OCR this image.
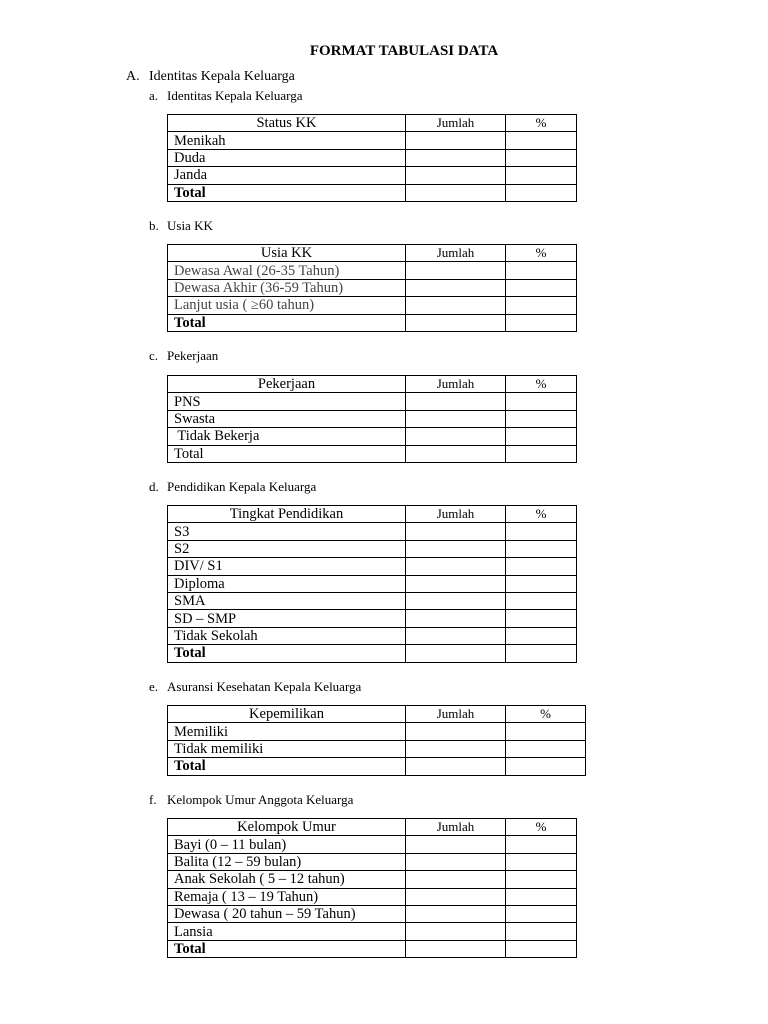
FORMAT TABULASI DATA
A. Identitas Kepala Keluarga
a. Identitas Kepala Keluarga
Status KK	Jumlah	%
Menikah		
Duda		
Janda		
Total		
b. Usia KK
Usia KK	Jumlah	%
Dewasa Awal (26-35 Tahun)		
Dewasa Akhir (36-59 Tahun)		
Lanjut usia ( ≥60 tahun)		
Total		
c. Pekerjaan
Pekerjaan	Jumlah	%
PNS		
Swasta		
Tidak Bekerja		
Total		
d. Pendidikan Kepala Keluarga
Tingkat Pendidikan	Jumlah	%
S3		
S2		
DIV/ S1		
Diploma		
SMA		
SD – SMP		
Tidak Sekolah		
Total		
e. Asuransi Kesehatan Kepala Keluarga
Kepemilikan	Jumlah	%
Memiliki		
Tidak memiliki		
Total		
f. Kelompok Umur Anggota Keluarga
Kelompok Umur	Jumlah	%
Bayi (0 – 11 bulan)		
Balita (12 – 59 bulan)		
Anak Sekolah ( 5 – 12 tahun)		
Remaja ( 13 – 19 Tahun)		
Dewasa ( 20 tahun – 59 Tahun)		
Lansia		
Total		
